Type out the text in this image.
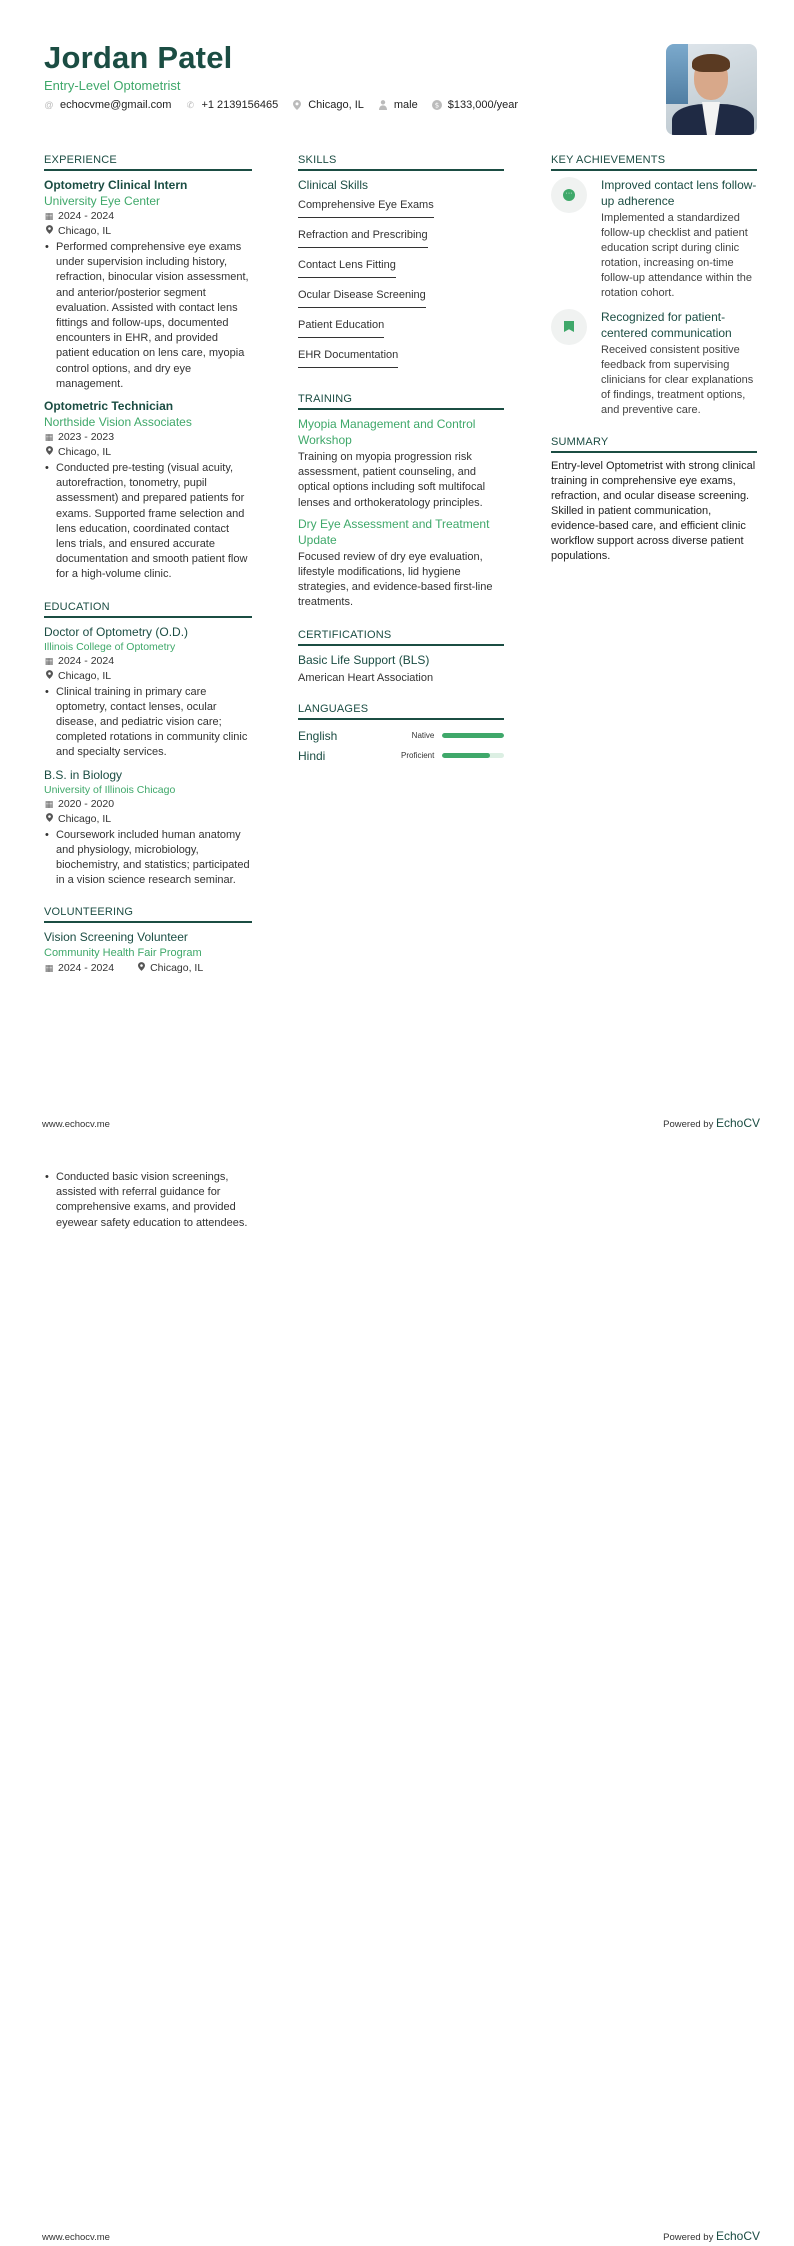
Jordan Patel
Entry-Level Optometrist
@ echocvme@gmail.com ✆ +1 2139156465	Chicago, IL	male $ $133,000/year
EXPERIENCE
Optometry Clinical Intern
University Eye Center
▦ 2024 - 2024
Chicago, IL
• Performed comprehensive eye exams under supervision including history, refraction, binocular vision assessment, and anterior/posterior segment evaluation. Assisted with contact lens fittings and follow-ups, documented encounters in EHR, and provided patient education on lens care, myopia control options, and dry eye management.
Optometric Technician
Northside Vision Associates
▦ 2023 - 2023
Chicago, IL
• Conducted pre-testing (visual acuity, autorefraction, tonometry, pupil assessment) and prepared patients for exams. Supported frame selection and lens education, coordinated contact lens trials, and ensured accurate documentation and smooth patient flow for a high-volume clinic.
EDUCATION
Doctor of Optometry (O.D.)
Illinois College of Optometry
▦ 2024 - 2024
Chicago, IL
• Clinical training in primary care optometry, contact lenses, ocular disease, and pediatric vision care; completed rotations in community clinic and specialty services.
B.S. in Biology
University of Illinois Chicago
▦ 2020 - 2020
Chicago, IL
• Coursework included human anatomy and physiology, microbiology, biochemistry, and statistics; participated in a vision science research seminar.
VOLUNTEERING
Vision Screening Volunteer
Community Health Fair Program
▦ 2024 - 2024	Chicago, IL
SKILLS
Clinical Skills
Comprehensive Eye Exams
Refraction and Prescribing
Contact Lens Fitting
Ocular Disease Screening
Patient Education
EHR Documentation
TRAINING
Myopia Management and Control Workshop
Training on myopia progression risk assessment, patient counseling, and optical options including soft multifocal lenses and orthokeratology principles.
Dry Eye Assessment and Treatment Update
Focused review of dry eye evaluation, lifestyle modifications, lid hygiene strategies, and evidence-based first-line treatments.
CERTIFICATIONS
Basic Life Support (BLS)
American Heart Association
LANGUAGES
English	Native
Hindi	Proficient
KEY ACHIEVEMENTS
···
Improved contact lens follow-up adherence
Implemented a standardized follow-up checklist and patient education script during clinic rotation, increasing on-time follow-up attendance within the rotation cohort.
Recognized for patient-centered communication
Received consistent positive feedback from supervising clinicians for clear explanations of findings, treatment options, and preventive care.
SUMMARY
Entry-level Optometrist with strong clinical training in comprehensive eye exams, refraction, and ocular disease screening. Skilled in patient communication, evidence-based care, and efficient clinic workflow support across diverse patient populations.
www.echocv.me	Powered by EchoCV
• Conducted basic vision screenings, assisted with referral guidance for comprehensive exams, and provided eyewear safety education to attendees.
www.echocv.me	Powered by EchoCV
